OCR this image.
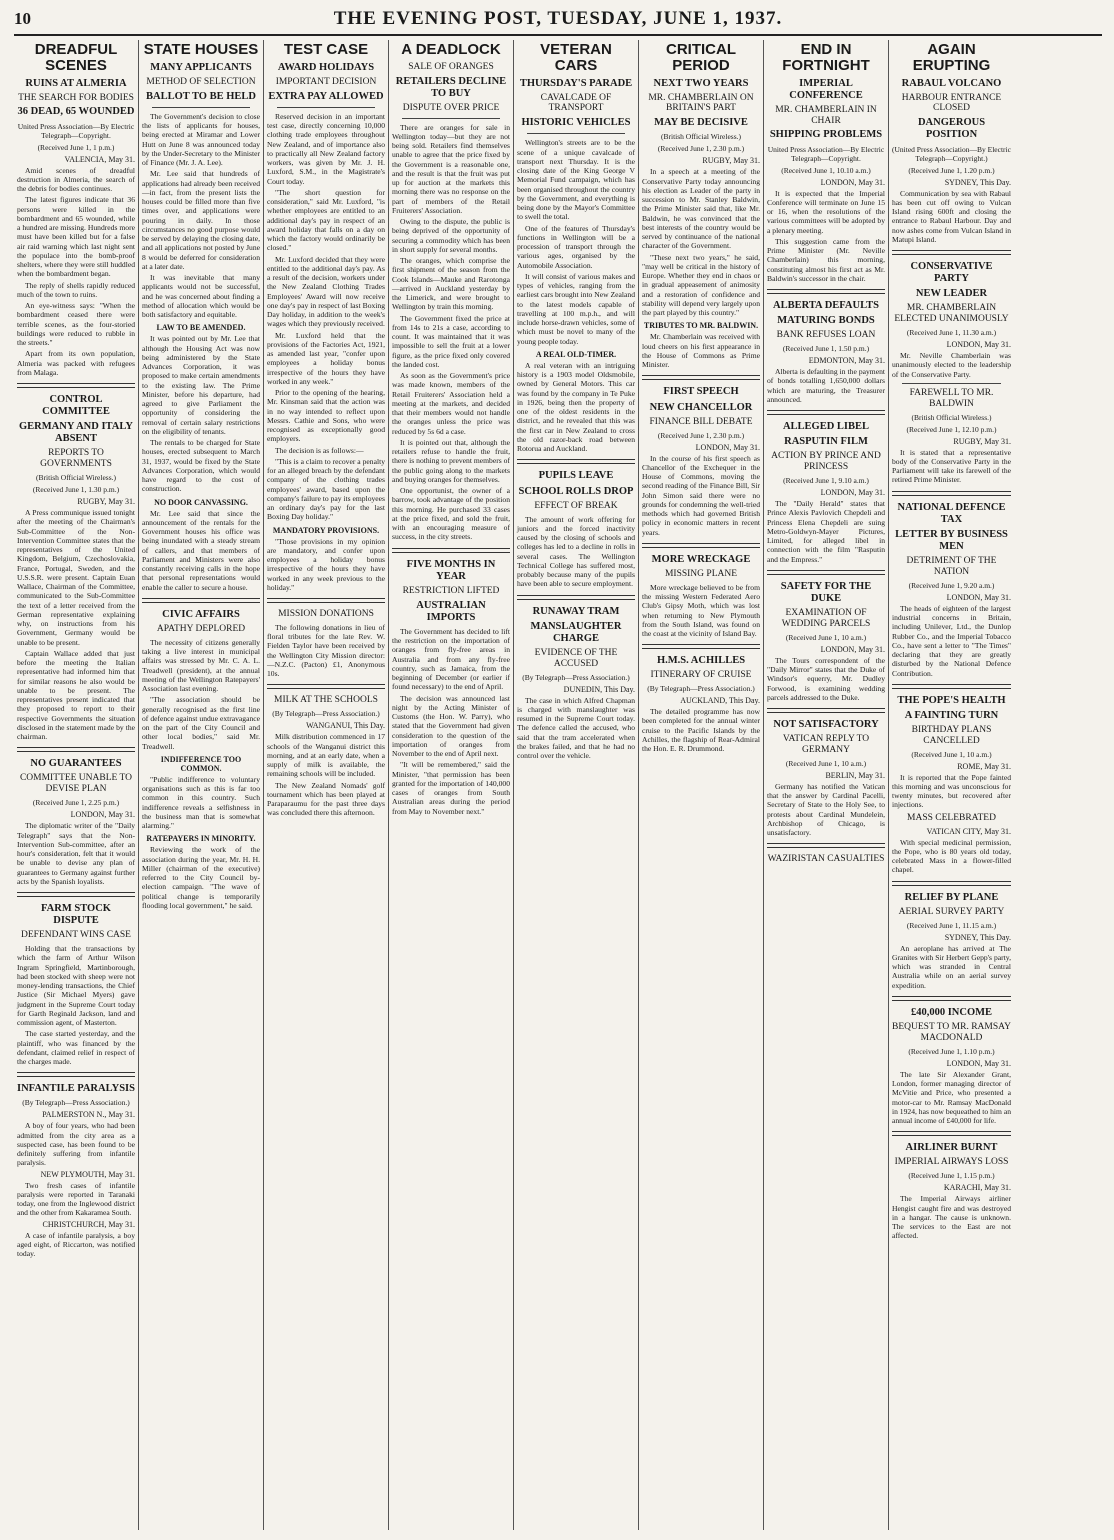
10	THE EVENING POST, TUESDAY, JUNE 1, 1937.
DREADFUL SCENES
RUINS AT ALMERIA
THE SEARCH FOR BODIES
36 DEAD, 65 WOUNDED
United Press Association—By Electric Telegraph—Copyright.
(Received June 1, 1 p.m.)
VALENCIA, May 31.

Amid scenes of dreadful destruction in Almeria, the search of the debris for bodies continues.

The latest figures indicate that 36 persons were killed in the bombardment and 65 wounded, while a hundred are missing. Hundreds more must have been killed but for a false air raid warning which last night sent the populace into the bomb-proof shelters, where they were still huddled when the bombardment began.

The reply of shells rapidly reduced much of the town to ruins.

An eye-witness says: "When the bombardment ceased there were terrible scenes, as the four-storied buildings were reduced to rubble in the streets."

Apart from its own population, Almeria was packed with refugees from Malaga.

CONTROL COMMITTEE
GERMANY AND ITALY ABSENT
REPORTS TO GOVERNMENTS
(British Official Wireless.)
(Received June 1, 1.30 p.m.)
RUGBY, May 31.

A Press communique issued tonight after the meeting of the Chairman's Sub-Committee of the Non-Intervention Committee states that the representatives of the United Kingdom, Belgium, Czechoslovakia, France, Portugal, Sweden, and the U.S.S.R. were present. Captain Euan Wallace, Chairman of the Committee, communicated to the Sub-Committee the text of a letter received from the German representative explaining why, on instructions from his Government, Germany would be unable to be present.

Captain Wallace added that just before the meeting the Italian representative had informed him that for similar reasons he also would be unable to be present. The representatives present indicated that they proposed to report to their respective Governments the situation disclosed in the statement made by the chairman.

NO GUARANTEES
COMMITTEE UNABLE TO DEVISE PLAN
(Received June 1, 2.25 p.m.)
LONDON, May 31.

The diplomatic writer of the "Daily Telegraph" says that the Non-Intervention Sub-committee, after an hour's consideration, felt that it would be unable to devise any plan of guarantees to Germany against further acts by the Spanish loyalists.

FARM STOCK DISPUTE
DEFENDANT WINS CASE

Holding that the transactions by which the farm of Arthur Wilson Ingram Springfield, Martinborough, had been stocked with sheep were not money-lending transactions, the Chief Justice (Sir Michael Myers) gave judgment in the Supreme Court today for Garth Reginald Jackson, land and commission agent, of Masterton.

The case started yesterday, and the plaintiff, who was financed by the defendant, claimed relief in respect of the charges made.

INFANTILE PARALYSIS
(By Telegraph—Press Association.)
PALMERSTON N., May 31.

A boy of four years, who had been admitted from the city area as a suspected case, has been found to be definitely suffering from infantile paralysis.

NEW PLYMOUTH, May 31.

Two fresh cases of infantile paralysis were reported in Taranaki today, one from the Inglewood district and the other from Kakaramea South.

CHRISTCHURCH, May 31.

A case of infantile paralysis, a boy aged eight, of Riccarton, was notified today.

STATE HOUSES
MANY APPLICANTS
METHOD OF SELECTION
BALLOT TO BE HELD

The Government's decision to close the lists of applicants for houses, being erected at Miramar and Lower Hutt on June 8 was announced today by the Under-Secretary to the Minister of Finance (Mr. J. A. Lee).

Mr. Lee said that hundreds of applications had already been received—in fact, from the present lists the houses could be filled more than five times over, and applications were pouring in daily. In those circumstances no good purpose would be served by delaying the closing date, and all applications not posted by June 8 would be deferred for consideration at a later date.

It was inevitable that many applicants would not be successful, and he was concerned about finding a method of allocation which would be both satisfactory and equitable.

LAW TO BE AMENDED.

It was pointed out by Mr. Lee that although the Housing Act was now being administered by the State Advances Corporation, it was proposed to make certain amendments to the existing law. The Prime Minister, before his departure, had agreed to give Parliament the opportunity of considering the removal of certain salary restrictions on the eligibility of tenants.

The rentals to be charged for State houses, erected subsequent to March 31, 1937, would be fixed by the State Advances Corporation, which would have regard to the cost of construction.

NO DOOR CANVASSING.

Mr. Lee said that since the announcement of the rentals for the Government houses his office was being inundated with a steady stream of callers, and that members of Parliament and Ministers were also constantly receiving calls in the hope that personal representations would enable the caller to secure a house.

CIVIC AFFAIRS
APATHY DEPLORED

The necessity of citizens generally taking a live interest in municipal affairs was stressed by Mr. C. A. L. Treadwell (president), at the annual meeting of the Wellington Ratepayers' Association last evening.

"The association should be generally recognised as the first line of defence against undue extravagance on the part of the City Council and other local bodies," said Mr. Treadwell.

INDIFFERENCE TOO COMMON.

"Public indifference to voluntary organisations such as this is far too common in this country. Such indifference reveals a selfishness in the business man that is somewhat alarming."

RATEPAYERS IN MINORITY.

Reviewing the work of the association during the year, Mr. H. H. Miller (chairman of the executive) referred to the City Council by-election campaign. "The wave of political change is temporarily flooding local government," he said.

TEST CASE
AWARD HOLIDAYS
IMPORTANT DECISION
EXTRA PAY ALLOWED

Reserved decision in an important test case, directly concerning 10,000 clothing trade employees throughout New Zealand, and of importance also to practically all New Zealand factory workers, was given by Mr. J. H. Luxford, S.M., in the Magistrate's Court today.

"The short question for consideration," said Mr. Luxford, "is whether employees are entitled to an additional day's pay in respect of an award holiday that falls on a day on which the factory would ordinarily be closed."

Mr. Luxford decided that they were entitled to the additional day's pay. As a result of the decision, workers under the New Zealand Clothing Trades Employees' Award will now receive one day's pay in respect of last Boxing Day holiday, in addition to the week's wages which they previously received.

Mr. Luxford held that the provisions of the Factories Act, 1921, as amended last year, "confer upon employees a holiday bonus irrespective of the hours they have worked in any week."

Prior to the opening of the hearing, Mr. Kinsman said that the action was in no way intended to reflect upon Messrs. Cathie and Sons, who were recognised as exceptionally good employers.

The decision is as follows:—

"This is a claim to recover a penalty for an alleged breach by the defendant company of the clothing trades employees' award, based upon the company's failure to pay its employees an ordinary day's pay for the last Boxing Day holiday."

MANDATORY PROVISIONS.

"Those provisions in my opinion are mandatory, and confer upon employees a holiday bonus irrespective of the hours they have worked in any week previous to the holiday."

MISSION DONATIONS

The following donations in lieu of floral tributes for the late Rev. W. Fielden Taylor have been received by the Wellington City Mission director: —N.Z.C. (Pacton) £1, Anonymous 10s.

MILK AT THE SCHOOLS
(By Telegraph—Press Association.)
WANGANUI, This Day.

Milk distribution commenced in 17 schools of the Wanganui district this morning, and at an early date, when a supply of milk is available, the remaining schools will be included.

The New Zealand Nomads' golf tournament which has been played at Paraparaumu for the past three days was concluded there this afternoon.

A DEADLOCK
SALE OF ORANGES
RETAILERS DECLINE TO BUY
DISPUTE OVER PRICE

There are oranges for sale in Wellington today—but they are not being sold. Retailers find themselves unable to agree that the price fixed by the Government is a reasonable one, and the result is that the fruit was put up for auction at the markets this morning there was no response on the part of members of the Retail Fruiterers' Association.

Owing to the dispute, the public is being deprived of the opportunity of securing a commodity which has been in short supply for several months.

The oranges, which comprise the first shipment of the season from the Cook Islands—Mauke and Rarotonga—arrived in Auckland yesterday by the Limerick, and were brought to Wellington by train this morning.

The Government fixed the price at from 14s to 21s a case, according to count. It was maintained that it was impossible to sell the fruit at a lower figure, as the price fixed only covered the landed cost.

As soon as the Government's price was made known, members of the Retail Fruiterers' Association held a meeting at the markets, and decided that their members would not handle the oranges unless the price was reduced by 5s 6d a case.

It is pointed out that, although the retailers refuse to handle the fruit, there is nothing to prevent members of the public going along to the markets and buying oranges for themselves.

One opportunist, the owner of a barrow, took advantage of the position this morning. He purchased 33 cases at the price fixed, and sold the fruit, with an encouraging measure of success, in the city streets.

FIVE MONTHS IN YEAR
RESTRICTION LIFTED
AUSTRALIAN IMPORTS

The Government has decided to lift the restriction on the importation of oranges from fly-free areas in Australia and from any fly-free country, such as Jamaica, from the beginning of December (or earlier if found necessary) to the end of April.

The decision was announced last night by the Acting Minister of Customs (the Hon. W. Parry), who stated that the Government had given consideration to the question of the importation of oranges from November to the end of April next.

"It will be remembered," said the Minister, "that permission has been granted for the importation of 140,000 cases of oranges from South Australian areas during the period from May to November next."

VETERAN CARS
THURSDAY'S PARADE
CAVALCADE OF TRANSPORT
HISTORIC VEHICLES

Wellington's streets are to be the scene of a unique cavalcade of transport next Thursday. It is the closing date of the King George V Memorial Fund campaign, which has been organised throughout the country by the Government, and everything is being done by the Mayor's Committee to swell the total.

One of the features of Thursday's functions in Wellington will be a procession of transport through the various ages, organised by the Automobile Association.

It will consist of various makes and types of vehicles, ranging from the earliest cars brought into New Zealand to the latest models capable of travelling at 100 m.p.h., and will include horse-drawn vehicles, some of which must be novel to many of the young people today.

A REAL OLD-TIMER.

A real veteran with an intriguing history is a 1903 model Oldsmobile, owned by General Motors. This car was found by the company in Te Puke in 1926, being then the property of one of the oldest residents in the district, and he revealed that this was the first car in New Zealand to cross the old razor-back road between Rotorua and Auckland.

PUPILS LEAVE
SCHOOL ROLLS DROP
EFFECT OF BREAK

The amount of work offering for juniors and the forced inactivity caused by the closing of schools and colleges has led to a decline in rolls in several cases. The Wellington Technical College has suffered most, probably because many of the pupils have been able to secure employment.

RUNAWAY TRAM
MANSLAUGHTER CHARGE
EVIDENCE OF THE ACCUSED
(By Telegraph—Press Association.)
DUNEDIN, This Day.

The case in which Alfred Chapman is charged with manslaughter was resumed in the Supreme Court today. The defence called the accused, who said that the tram accelerated when the brakes failed, and that he had no control over the vehicle.

CRITICAL PERIOD
NEXT TWO YEARS
MR. CHAMBERLAIN ON BRITAIN'S PART
MAY BE DECISIVE
(British Official Wireless.)
(Received June 1, 2.30 p.m.)
RUGBY, May 31.

In a speech at a meeting of the Conservative Party today announcing his election as Leader of the party in succession to Mr. Stanley Baldwin, the Prime Minister said that, like Mr. Baldwin, he was convinced that the best interests of the country would be served by continuance of the national character of the Government.

"These next two years," he said, "may well be critical in the history of Europe. Whether they end in chaos or in gradual appeasement of animosity and a restoration of confidence and stability will depend very largely upon the part played by this country."

TRIBUTES TO MR. BALDWIN.

Mr. Chamberlain was received with loud cheers on his first appearance in the House of Commons as Prime Minister.

FIRST SPEECH
NEW CHANCELLOR
FINANCE BILL DEBATE
(Received June 1, 2.30 p.m.)
LONDON, May 31.

In the course of his first speech as Chancellor of the Exchequer in the House of Commons, moving the second reading of the Finance Bill, Sir John Simon said there were no grounds for condemning the well-tried methods which had governed British policy in economic matters in recent years.

MORE WRECKAGE
MISSING PLANE

More wreckage believed to be from the missing Western Federated Aero Club's Gipsy Moth, which was lost when returning to New Plymouth from the South Island, was found on the coast at the vicinity of Island Bay.

H.M.S. ACHILLES
ITINERARY OF CRUISE
(By Telegraph—Press Association.)
AUCKLAND, This Day.

The detailed programme has now been completed for the annual winter cruise to the Pacific Islands by the Achilles, the flagship of Rear-Admiral the Hon. E. R. Drummond.

END IN FORTNIGHT
IMPERIAL CONFERENCE
MR. CHAMBERLAIN IN CHAIR
SHIPPING PROBLEMS
United Press Association—By Electric Telegraph—Copyright.
(Received June 1, 10.10 a.m.)
LONDON, May 31.

It is expected that the Imperial Conference will terminate on June 15 or 16, when the resolutions of the various committees will be adopted by a plenary meeting.

This suggestion came from the Prime Minister (Mr. Neville Chamberlain) this morning, constituting almost his first act as Mr. Baldwin's successor in the chair.

ALBERTA DEFAULTS
MATURING BONDS
BANK REFUSES LOAN
(Received June 1, 1.50 p.m.)
EDMONTON, May 31.

Alberta is defaulting in the payment of bonds totalling 1,650,000 dollars which are maturing, the Treasurer announced.

ALLEGED LIBEL
RASPUTIN FILM
ACTION BY PRINCE AND PRINCESS
(Received June 1, 9.10 a.m.)
LONDON, May 31.

The "Daily Herald" states that Prince Alexis Pavlovich Chepdeli and Princess Elena Chepdeli are suing Metro-Goldwyn-Mayer Pictures, Limited, for alleged libel in connection with the film "Rasputin and the Empress."

SAFETY FOR THE DUKE
EXAMINATION OF WEDDING PARCELS
(Received June 1, 10 a.m.)
LONDON, May 31.

The Tours correspondent of the "Daily Mirror" states that the Duke of Windsor's equerry, Mr. Dudley Forwood, is examining wedding parcels addressed to the Duke.

NOT SATISFACTORY
VATICAN REPLY TO GERMANY
(Received June 1, 10 a.m.)
BERLIN, May 31.

Germany has notified the Vatican that the answer by Cardinal Pacelli, Secretary of State to the Holy See, to protests about Cardinal Mundelein, Archbishop of Chicago, is unsatisfactory.

WAZIRISTAN CASUALTIES
AGAIN ERUPTING
RABAUL VOLCANO
HARBOUR ENTRANCE CLOSED
DANGEROUS POSITION
(United Press Association—By Electric Telegraph—Copyright.)
(Received June 1, 1.20 p.m.)
SYDNEY, This Day.

Communication by sea with Rabaul has been cut off owing to Vulcan Island rising 600ft and closing the entrance to Rabaul Harbour. Day and now ashes come from Vulcan Island in Matupi Island.

CONSERVATIVE PARTY
NEW LEADER
MR. CHAMBERLAIN ELECTED UNANIMOUSLY
(Received June 1, 11.30 a.m.)
LONDON, May 31.

Mr. Neville Chamberlain was unanimously elected to the leadership of the Conservative Party.

FAREWELL TO MR. BALDWIN
(British Official Wireless.)
(Received June 1, 12.10 p.m.)
RUGBY, May 31.

It is stated that a representative body of the Conservative Party in the Parliament will take its farewell of the retired Prime Minister.

NATIONAL DEFENCE TAX
LETTER BY BUSINESS MEN
DETRIMENT OF THE NATION
(Received June 1, 9.20 a.m.)
LONDON, May 31.

The heads of eighteen of the largest industrial concerns in Britain, including Unilever, Ltd., the Dunlop Rubber Co., and the Imperial Tobacco Co., have sent a letter to "The Times" declaring that they are greatly disturbed by the National Defence Contribution.

THE POPE'S HEALTH
A FAINTING TURN
BIRTHDAY PLANS CANCELLED
(Received June 1, 10 a.m.)
ROME, May 31.

It is reported that the Pope fainted this morning and was unconscious for twenty minutes, but recovered after injections.

MASS CELEBRATED
VATICAN CITY, May 31.

With special medicinal permission, the Pope, who is 80 years old today, celebrated Mass in a flower-filled chapel.

RELIEF BY PLANE
AERIAL SURVEY PARTY
(Received June 1, 11.15 a.m.)
SYDNEY, This Day.

An aeroplane has arrived at The Granites with Sir Herbert Gepp's party, which was stranded in Central Australia while on an aerial survey expedition.

£40,000 INCOME
BEQUEST TO MR. RAMSAY MACDONALD
(Received June 1, 1.10 p.m.)
LONDON, May 31.

The late Sir Alexander Grant, London, former managing director of McVitie and Price, who presented a motor-car to Mr. Ramsay MacDonald in 1924, has now bequeathed to him an annual income of £40,000 for life.

AIRLINER BURNT
IMPERIAL AIRWAYS LOSS
(Received June 1, 1.15 p.m.)
KARACHI, May 31.

The Imperial Airways airliner Hengist caught fire and was destroyed in a hangar. The cause is unknown. The services to the East are not affected.
